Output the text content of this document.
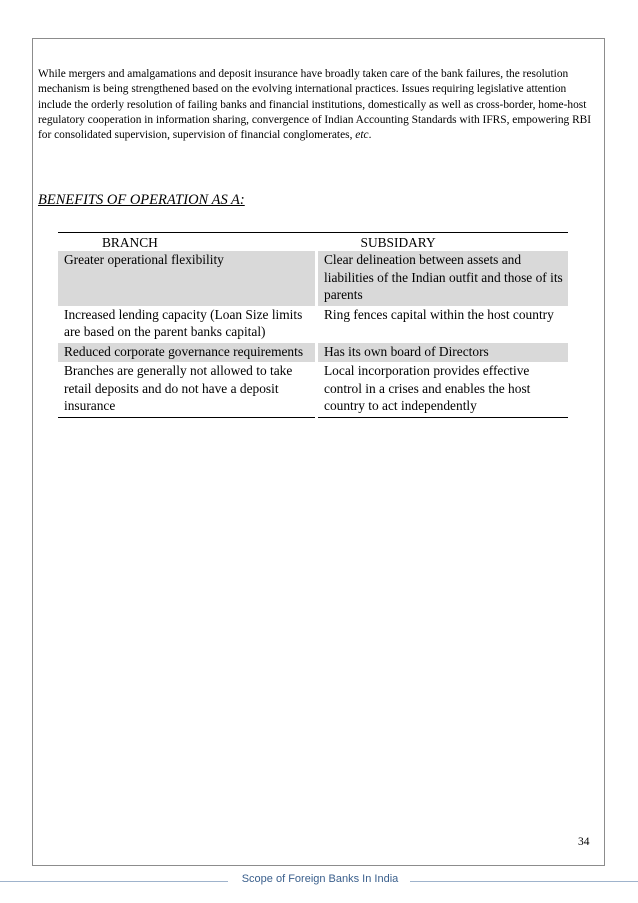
While mergers and amalgamations and deposit insurance have broadly taken care of the bank failures, the resolution mechanism is being strengthened based on the evolving international practices. Issues requiring legislative attention include the orderly resolution of failing banks and financial institutions, domestically as well as cross-border, home-host regulatory cooperation in information sharing, convergence of Indian Accounting Standards with IFRS, empowering RBI for consolidated supervision, supervision of financial conglomerates, etc.

BENEFITS OF OPERATION AS A:

BRANCH	SUBSIDARY
Greater operational flexibility	Clear delineation between assets and liabilities of the Indian outfit and those of its parents
Increased lending capacity (Loan Size limits are based on the parent banks capital)	Ring fences capital within the host country
Reduced corporate governance requirements	Has its own board of Directors
Branches are generally not allowed to take retail deposits and do not have a deposit insurance	Local incorporation provides effective control in a crises and enables the host country to act independently
34
Scope of Foreign Banks In India
